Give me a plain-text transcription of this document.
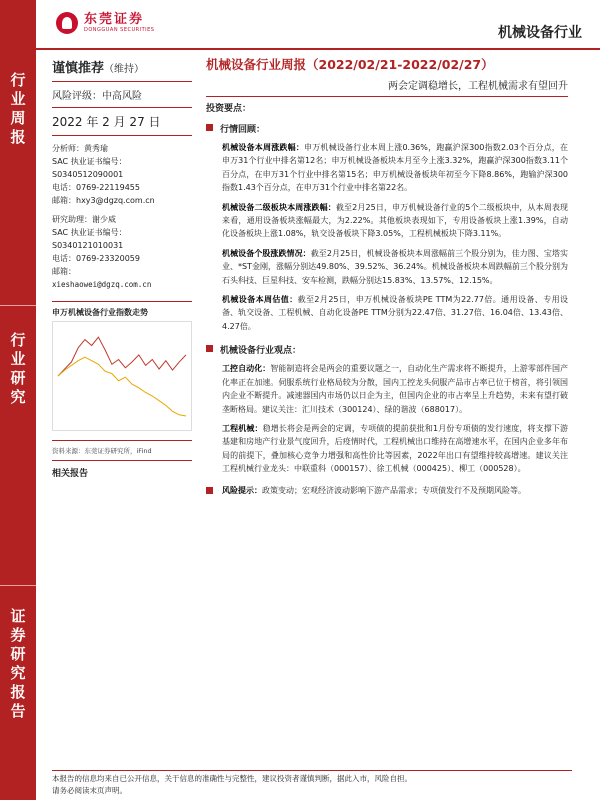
行业周报
行业研究
证券研究报告
东莞证券
DONGGUAN SECURITIES	机械设备行业
谨慎推荐（维持）
风险评级：中高风险
2022 年 2 月 27 日
分析师：黄秀瑜
SAC 执业证书编号：
S0340512090001
电话：0769-22119455
邮箱：hxy3@dgzq.com.cn
研究助理：谢少威
SAC 执业证书编号：
S0340121010031
电话：0769-23320059
邮箱：
xieshaowei@dgzq.com.cn
申万机械设备行业指数走势
资料来源：东莞证券研究所，iFind
相关报告
机械设备行业周报（2022/02/21-2022/02/27）
两会定调稳增长，工程机械需求有望回升
投资要点：
行情回顾：
机械设备本周涨跌幅：申万机械设备行业本周上涨0.36%，跑赢沪深300指数2.03个百分点，在申万31个行业中排名第12名；申万机械设备板块本月至今上涨3.32%，跑赢沪深300指数3.11个百分点，在申万31个行业中排名第15名；申万机械设备板块年初至今下降8.86%，跑输沪深300指数1.43个百分点，在申万31个行业中排名第22名。
机械设备二级板块本周涨跌幅：截至2月25日，申万机械设备行业的5个二级板块中，从本周表现来看，通用设备板块涨幅最大，为2.22%。其他板块表现如下，专用设备板块上涨1.39%，自动化设备板块上涨1.08%，轨交设备板块下降3.05%，工程机械板块下降3.11%。
机械设备个股涨跌情况：截至2月25日，机械设备板块本周涨幅前三个股分别为，佳力图、宝塔实业、*ST金刚，涨幅分别达49.80%、39.52%、36.24%。机械设备板块本周跌幅前三个股分别为石头科技、巨星科技、安车检测，跌幅分别达15.83%、13.57%、12.15%。
机械设备本周估值：截至2月25日，申万机械设备板块PE TTM为22.77倍。通用设备、专用设备、轨交设备、工程机械、自动化设备PE TTM分别为22.47倍、31.27倍、16.04倍、13.43倍、4.27倍。
机械设备行业观点：
工控自动化：智能制造将会是两会的重要议题之一，自动化生产需求将不断提升，上游零部件国产化率正在加速。伺服系统行业格局较为分散，国内工控龙头伺服产品市占率已位于榜首，将引领国内企业不断提升。减速器国内市场仍以日企为主，但国内企业的市占率呈上升趋势，未来有望打破垄断格局。建议关注：汇川技术（300124）、绿的谐波（688017）。
工程机械：稳增长将会是两会的定调，专项债的提前获批和1月份专项债的发行速度，将支撑下游基建和房地产行业景气度回升，后疫情时代，工程机械出口维持在高增速水平，在国内企业多年布局的前提下，叠加核心竞争力增强和高性价比等因素，2022年出口有望维持较高增速。建议关注工程机械行业龙头：中联重科（000157）、徐工机械（000425）、柳工（000528）。
风险提示：政策变动；宏观经济波动影响下游产品需求；专项债发行不及预期风险等。
本报告的信息均来自已公开信息，关于信息的准确性与完整性，建议投资者谨慎判断，据此入市，风险自担。
请务必阅读末页声明。
